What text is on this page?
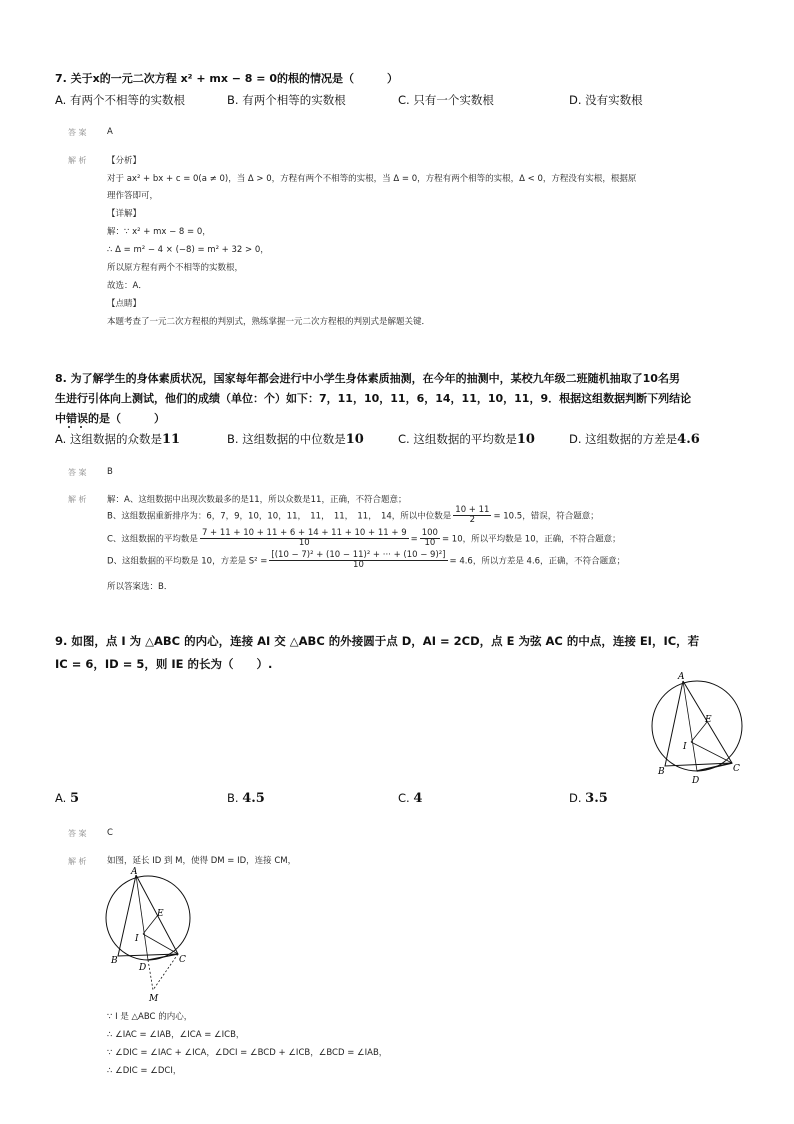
7. 关于x的一元二次方程 x² + mx − 8 = 0的根的情况是（　　　）
A. 有两个不相等的实数根	B. 有两个相等的实数根	C. 只有一个实数根	D. 没有实数根
答 案 A
解 析 【分析】
对于 ax² + bx + c = 0(a ≠ 0)，当 Δ > 0，方程有两个不相等的实根，当 Δ = 0，方程有两个相等的实根，Δ < 0，方程没有实根，根据原
理作答即可，
【详解】
解：∵ x² + mx − 8 = 0，
∴ Δ = m² − 4 × (−8) = m² + 32 > 0，
所以原方程有两个不相等的实数根，
故选：A．
【点睛】
本题考查了一元二次方程根的判别式，熟练掌握一元二次方程根的判别式是解题关键．
8. 为了解学生的身体素质状况，国家每年都会进行中小学生身体素质抽测，在今年的抽测中，某校九年级二班随机抽取了10名男
生进行引体向上测试，他们的成绩（单位：个）如下：7，11，10，11，6，14，11，10，11，9．根据这组数据判断下列结论
中错误的是（　　　）
A. 这组数据的众数是11	B. 这组数据的中位数是10	C. 这组数据的平均数是10	D. 这组数据的方差是4.6
答 案 B
解 析 解：A、这组数据中出现次数最多的是11，所以众数是11，正确，不符合题意；
B、这组数据重新排序为：6，7，9，10，10，11，　11，　11，　11，　14，所以中位数是 $\frac{10 + 11}{2} = 10.5$，错误，符合题意；
C、这组数据的平均数是 $\frac{7 + 11 + 10 + 11 + 6 + 14 + 11 + 10 + 11 + 9}{10} = \frac{100}{10} = 10$，所以平均数是 10，正确，不符合题意；
D、这组数据的平均数是 10，方差是 $S^2 = \frac{\text{[(10 − 7)² + (10 − 11)² + ··· + (10 − 9)²]}}{10} = 4.6$，所以方差是 4.6，正确，不符合题意；
所以答案选：B．
9. 如图，点 I 为 △ABC 的内心，连接 AI 交 △ABC 的外接圆于点 D，AI = 2CD，点 E 为弦 AC 的中点，连接 EI，IC，若
IC = 6，ID = 5，则 IE 的长为（　　）.
A
B	C
D
E
I
A. 5	B. 4.5	C. 4	D. 3.5
答 案 C
解 析 如图，延长 ID 到 M，使得 DM = ID，连接 CM，
A
B	C
D
E
I
M
∵ I 是 △ABC 的内心，
∴ ∠IAC = ∠IAB，∠ICA = ∠ICB，
∵ ∠DIC = ∠IAC + ∠ICA，∠DCI = ∠BCD + ∠ICB，∠BCD = ∠IAB，
∴ ∠DIC = ∠DCI，
